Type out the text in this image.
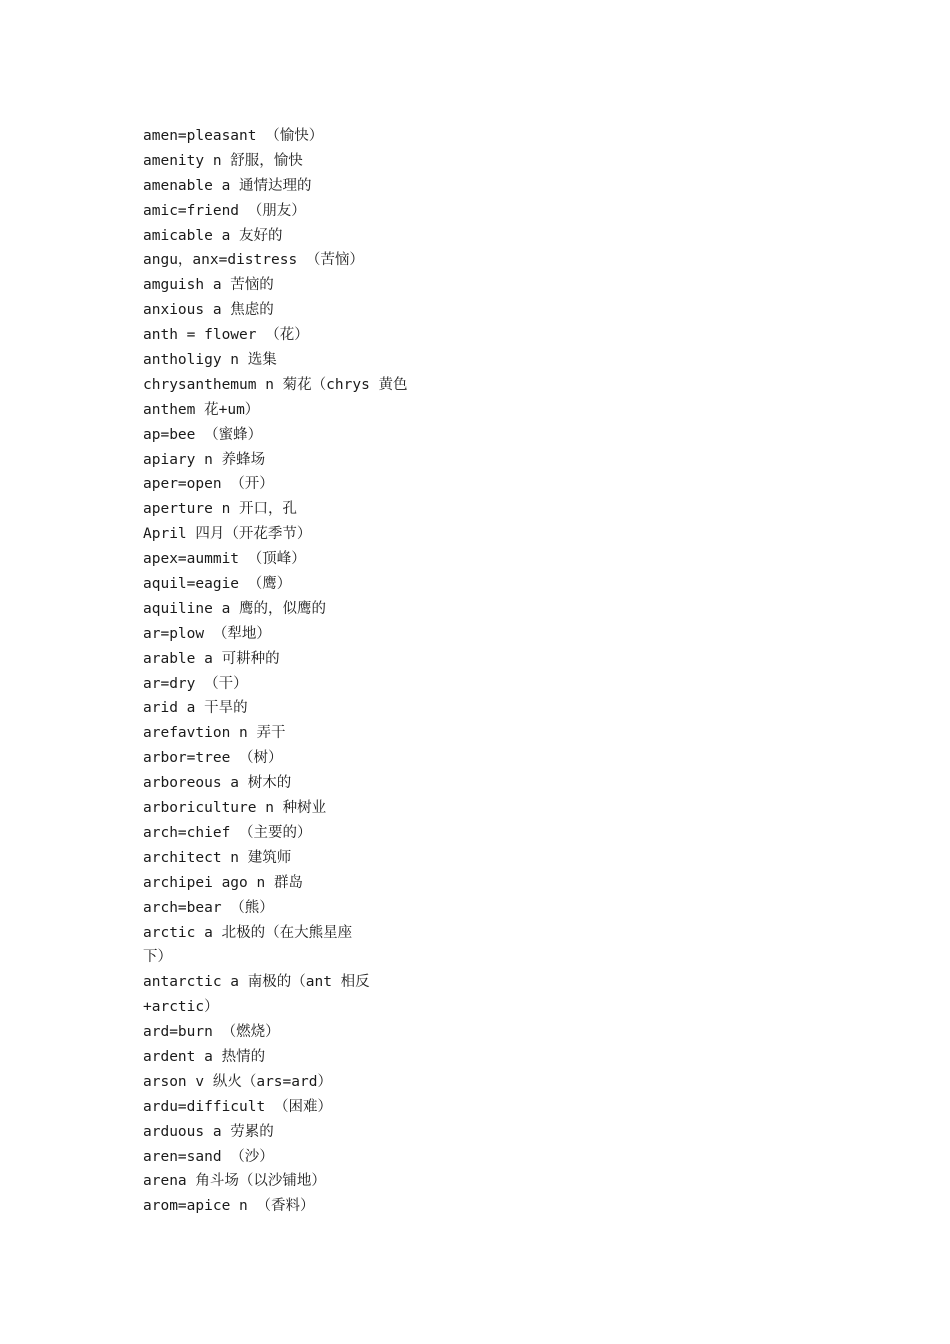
amen=pleasant （愉快）
amenity n 舒服，愉快
amenable a 通情达理的
amic=friend （朋友）
amicable a 友好的
angu，anx=distress （苦恼）
amguish a 苦恼的
anxious a 焦虑的
anth = flower （花）
antholigy n 选集
chrysanthemum n 菊花（chrys 黄色
anthem 花+um）
ap=bee （蜜蜂）
apiary n 养蜂场
aper=open （开）
aperture n 开口，孔
April 四月（开花季节）
apex=aummit （顶峰）
aquil=eagie （鹰）
aquiline a 鹰的，似鹰的
ar=plow （犁地）
arable a 可耕种的
ar=dry （干）
arid a 干旱的
arefavtion n 弄干
arbor=tree （树）
arboreous a 树木的
arboriculture n 种树业
arch=chief （主要的）
architect n 建筑师
archipei ago n 群岛
arch=bear （熊）
arctic a 北极的（在大熊星座
下）
antarctic a 南极的（ant 相反
+arctic）
ard=burn （燃烧）
ardent a 热情的
arson v 纵火（ars=ard）
ardu=difficult （困难）
arduous a 劳累的
aren=sand （沙）
arena 角斗场（以沙铺地）
arom=apice n （香料）
